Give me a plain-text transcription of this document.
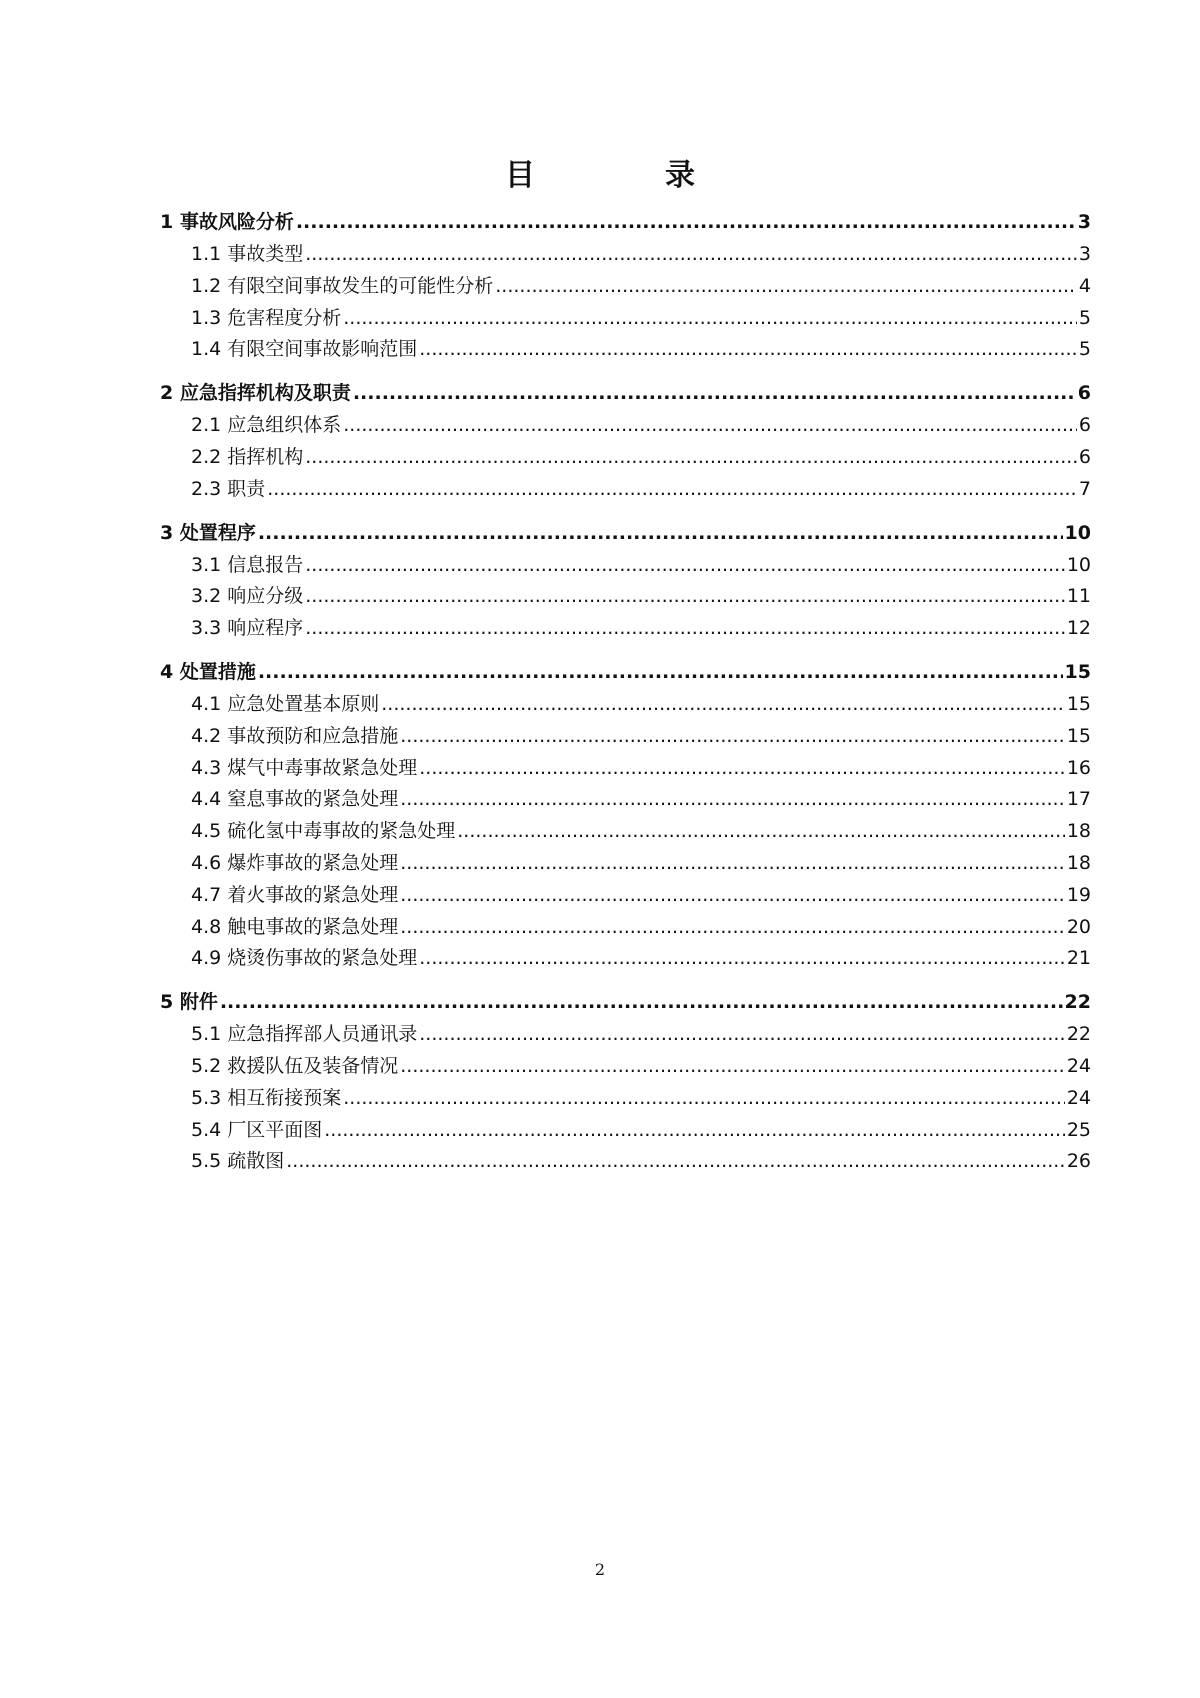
目　录
1 事故风险分析 .....	3
1.1 事故类型 .....	3
1.2 有限空间事故发生的可能性分析 .....	4
1.3 危害程度分析 .....	5
1.4 有限空间事故影响范围 .....	5
2 应急指挥机构及职责 .....	6
2.1 应急组织体系 .....	6
2.2 指挥机构 .....	6
2.3 职责 .....	7
3 处置程序 .....	10
3.1 信息报告 .....	10
3.2 响应分级 .....	11
3.3 响应程序 .....	12
4 处置措施 .....	15
4.1 应急处置基本原则 .....	15
4.2 事故预防和应急措施 .....	15
4.3 煤气中毒事故紧急处理 .....	16
4.4 窒息事故的紧急处理 .....	17
4.5 硫化氢中毒事故的紧急处理 .....	18
4.6 爆炸事故的紧急处理 .....	18
4.7 着火事故的紧急处理 .....	19
4.8 触电事故的紧急处理 .....	20
4.9 烧烫伤事故的紧急处理 .....	21
5 附件 .....	22
5.1 应急指挥部人员通讯录 .....	22
5.2 救援队伍及装备情况 .....	24
5.3 相互衔接预案 .....	24
5.4 厂区平面图 .....	25
5.5 疏散图 .....	26
2
